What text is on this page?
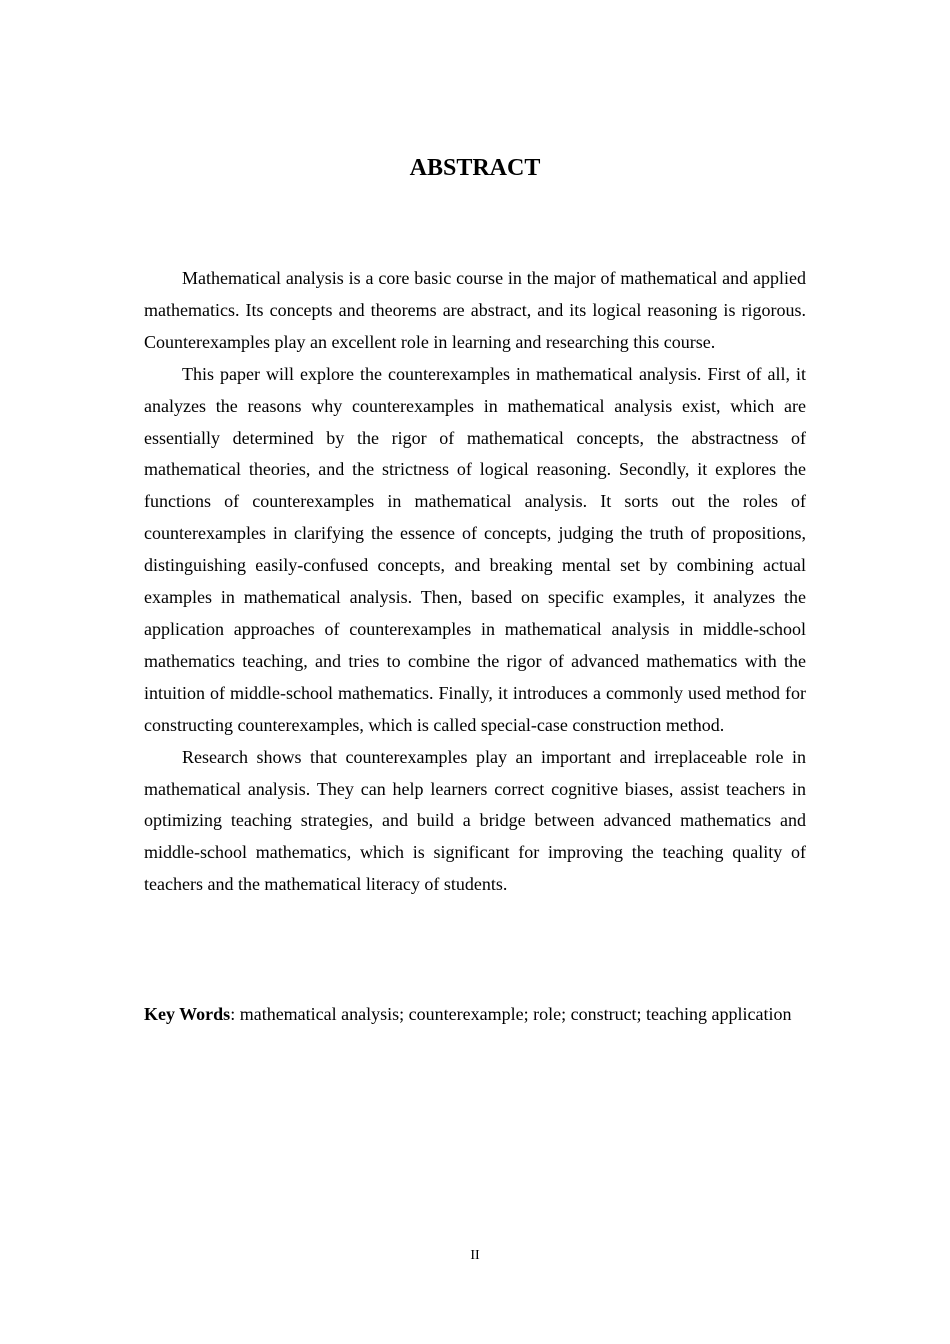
ABSTRACT

Mathematical analysis is a core basic course in the major of mathematical and applied mathematics. Its concepts and theorems are abstract, and its logical reasoning is rigorous. Counterexamples play an excellent role in learning and researching this course.

This paper will explore the counterexamples in mathematical analysis. First of all, it analyzes the reasons why counterexamples in mathematical analysis exist, which are essentially determined by the rigor of mathematical concepts, the abstractness of mathematical theories, and the strictness of logical reasoning. Secondly, it explores the functions of counterexamples in mathematical analysis. It sorts out the roles of counterexamples in clarifying the essence of concepts, judging the truth of propositions, distinguishing easily-confused concepts, and breaking mental set by combining actual examples in mathematical analysis. Then, based on specific examples, it analyzes the application approaches of counterexamples in mathematical analysis in middle-school mathematics teaching, and tries to combine the rigor of advanced mathematics with the intuition of middle-school mathematics. Finally, it introduces a commonly used method for constructing counterexamples, which is called special-case construction method.

Research shows that counterexamples play an important and irreplaceable role in mathematical analysis. They can help learners correct cognitive biases, assist teachers in optimizing teaching strategies, and build a bridge between advanced mathematics and middle-school mathematics, which is significant for improving the teaching quality of teachers and the mathematical literacy of students.

Key Words: mathematical analysis; counterexample; role; construct; teaching application

II
